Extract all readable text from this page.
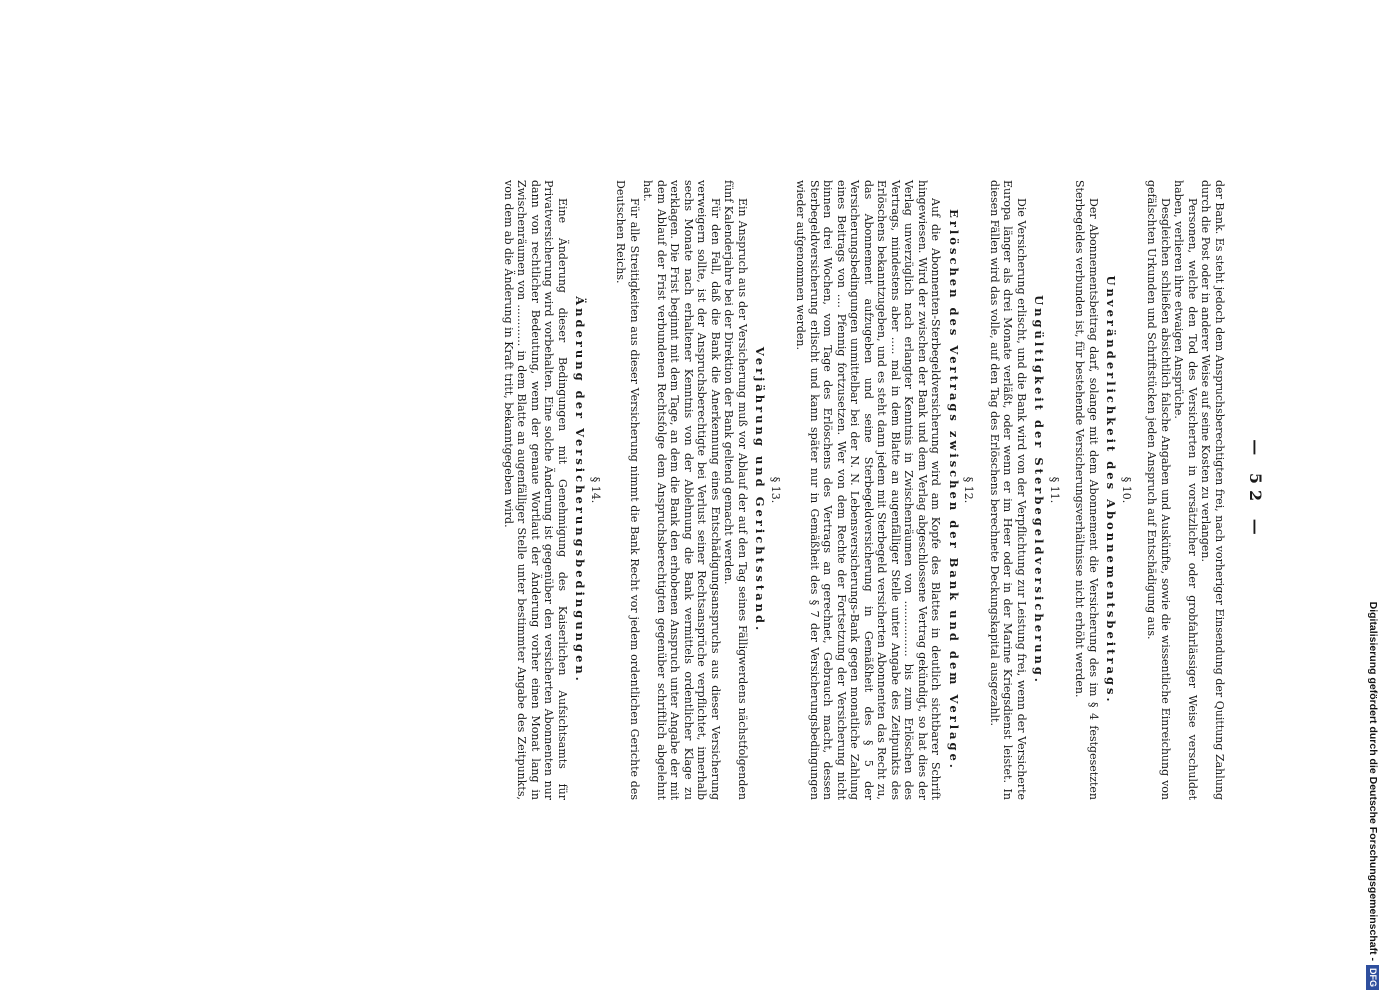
— 52 —

der Bank. Es steht jedoch dem Anspruchsberechtigten frei, nach vorheriger Einsendung der Quittung Zahlung durch die Post oder in anderer Weise auf seine Kosten zu verlangen.

Personen, welche den Tod des Versicherten in vorsätzlicher oder grobfahrlässiger Weise verschuldet haben, verlieren ihre etwaigen Ansprüche.

Desgleichen schließen absichtlich falsche Angaben und Auskünfte, sowie die wissentliche Einreichung von gefälschten Urkunden und Schriftstücken jeden Anspruch auf Entschädigung aus.

§ 10.
Unveränderlichkeit des Abonnementsbeitrags.

Der Abonnementsbeitrag darf, solange mit dem Abonnement die Versicherung des im § 4 festgesetzten Sterbegeldes verbunden ist, für bestehende Versicherungsverhältnisse nicht erhöht werden.

§ 11.
Ungültigkeit der Sterbegeldversicherung.

Die Versicherung erlischt, und die Bank wird von der Verpflichtung zur Leistung frei, wenn der Versicherte Europa länger als drei Monate verläßt, oder wenn er im Heer oder in der Marine Kriegsdienst leistet. In diesen Fällen wird das volle, auf den Tag des Erlöschens berechnete Deckungskapital ausgezahlt.

§ 12.
Erlöschen des Vertrags zwischen der Bank und dem Verlage.

Auf die Abonnenten-Sterbegeldversicherung wird am Kopfe des Blattes in deutlich sichtbarer Schrift hingewiesen. Wird der zwischen der Bank und dem Verlag abgeschlossene Vertrag gekündigt, so hat dies der Verlag unverzüglich nach erlangter Kenntnis in Zwischenräumen von ................ bis zum Erlöschen des Vertrags, mindestens aber ..... mal in dem Blatte an augenfälliger Stelle unter Angabe des Zeitpunkts des Erlöschens bekanntzugeben, und es steht dann jedem mit Sterbegeld versicherten Abonnenten das Recht zu, das Abonnement aufzugeben und seine Sterbegeldversicherung in Gemäßheit des § 5 der Versicherungsbedingungen unmittelbar bei der N. N. Lebensversicherungs-Bank gegen monatliche Zahlung eines Beitrags von .... Pfennig fortzusetzen. Wer von dem Rechte der Fortsetzung der Versicherung nicht binnen drei Wochen, vom Tage des Erlöschens des Vertrags an gerechnet, Gebrauch macht, dessen Sterbegeldversicherung erlischt und kann später nur in Gemäßheit des § 7 der Versicherungsbedingungen wieder aufgenommen werden.

§ 13.
Verjährung und Gerichtsstand.

Ein Anspruch aus der Versicherung muß vor Ablauf der auf den Tag seines Fälligwerdens nächstfolgenden fünf Kalenderjahre bei der Direktion der Bank geltend gemacht werden.

Für den Fall, daß die Bank die Anerkennung eines Entschädigungsanspruchs aus dieser Versicherung verweigern sollte, ist der Anspruchsberechtigte bei Verlust seiner Rechtsansprüche verpflichtet, innerhalb sechs Monate nach erhaltener Kenntnis von der Ablehnung die Bank vermittels ordentlicher Klage zu verklagen. Die Frist beginnt mit dem Tage, an dem die Bank den erhobenen Anspruch unter Angabe der mit dem Ablauf der Frist verbundenen Rechtsfolge dem Anspruchsberechtigten gegenüber schriftlich abgelehnt hat.

Für alle Streitigkeiten aus dieser Versicherung nimmt die Bank Recht vor jedem ordentlichen Gerichte des Deutschen Reichs.

§ 14.
Änderung der Versicherungsbedingungen.

Eine Änderung dieser Bedingungen mit Genehmigung des Kaiserlichen Aufsichtsamts für Privatversicherung wird vorbehalten. Eine solche Änderung ist gegenüber den versicherten Abonnenten nur dann von rechtlicher Bedeutung, wenn der genaue Wortlaut der Änderung vorher einen Monat lang in Zwischenräumen von ............ in dem Blatte an augenfälliger Stelle unter bestimmter Angabe des Zeitpunkts, von dem ab die Änderung in Kraft tritt, bekanntgegeben wird.

Digitalisierung gefördert durch die Deutsche Forschungsgemeinschaft -
DFG
